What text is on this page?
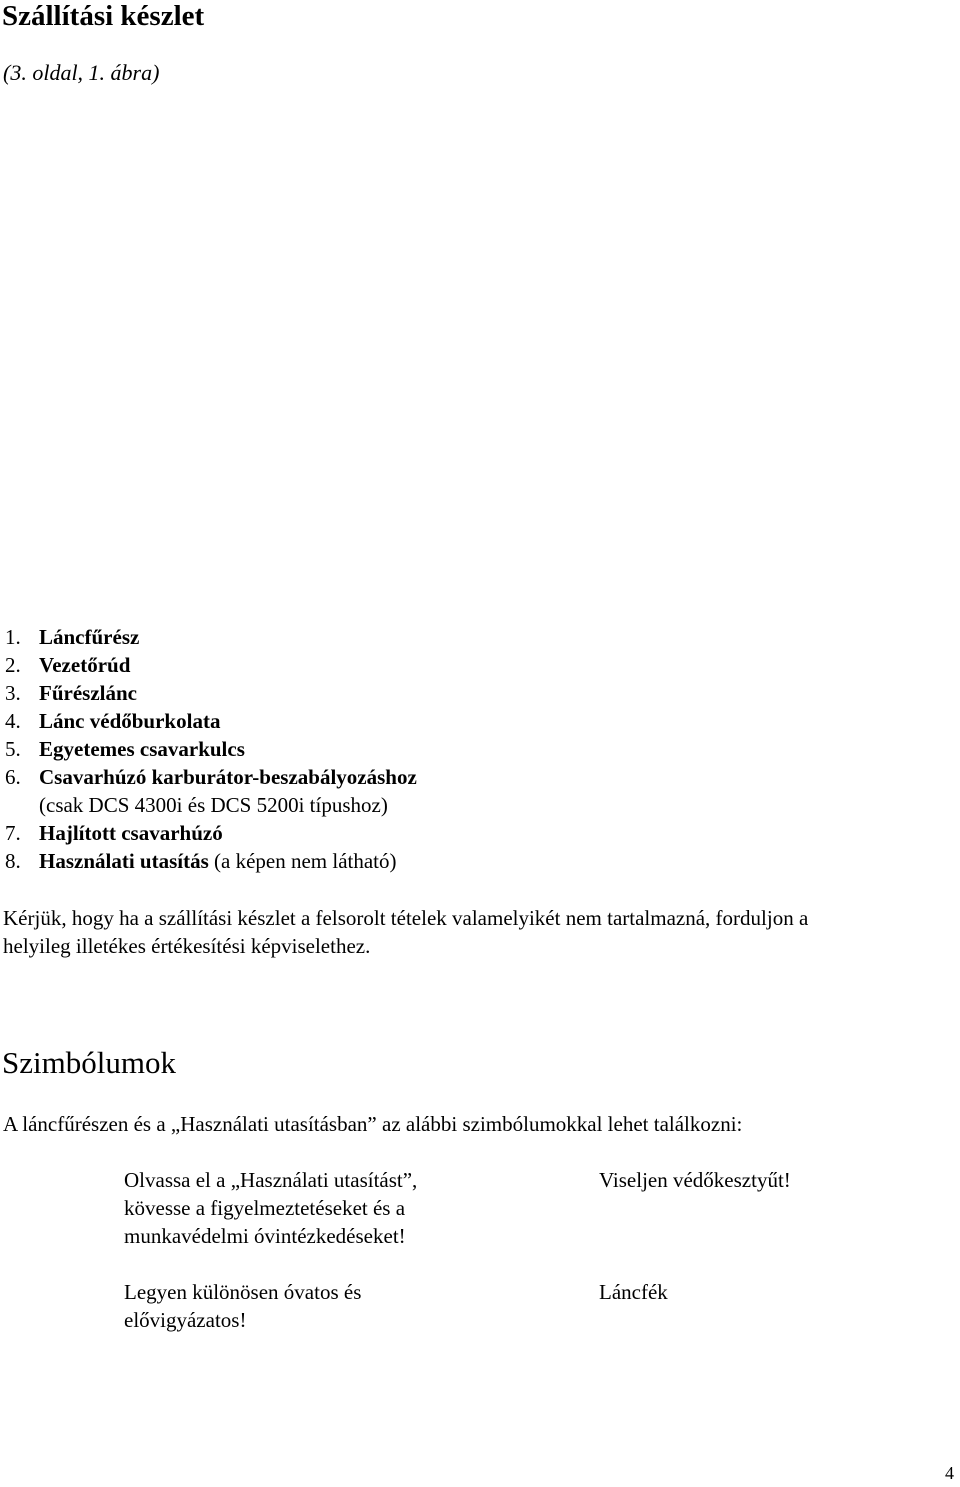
Szállítási készlet
(3. oldal, 1. ábra)
1. Láncfűrész
2. Vezetőrúd
3. Fűrészlánc
4. Lánc védőburkolata
5. Egyetemes csavarkulcs
6. Csavarhúzó karburátor-beszabályozáshoz
(csak DCS 4300i és DCS 5200i típushoz)
7. Hajlított csavarhúzó
8. Használati utasítás (a képen nem látható)
Kérjük, hogy ha a szállítási készlet a felsorolt tételek valamelyikét nem tartalmazná, forduljon a
helyileg illetékes értékesítési képviselethez.
Szimbólumok
A láncfűrészen és a „Használati utasításban” az alábbi szimbólumokkal lehet találkozni:
Olvassa el a „Használati utasítást”,
kövesse a figyelmeztetéseket és a
munkavédelmi óvintézkedéseket!
Viseljen védőkesztyűt!
Legyen különösen óvatos és
elővigyázatos!
Láncfék
4
